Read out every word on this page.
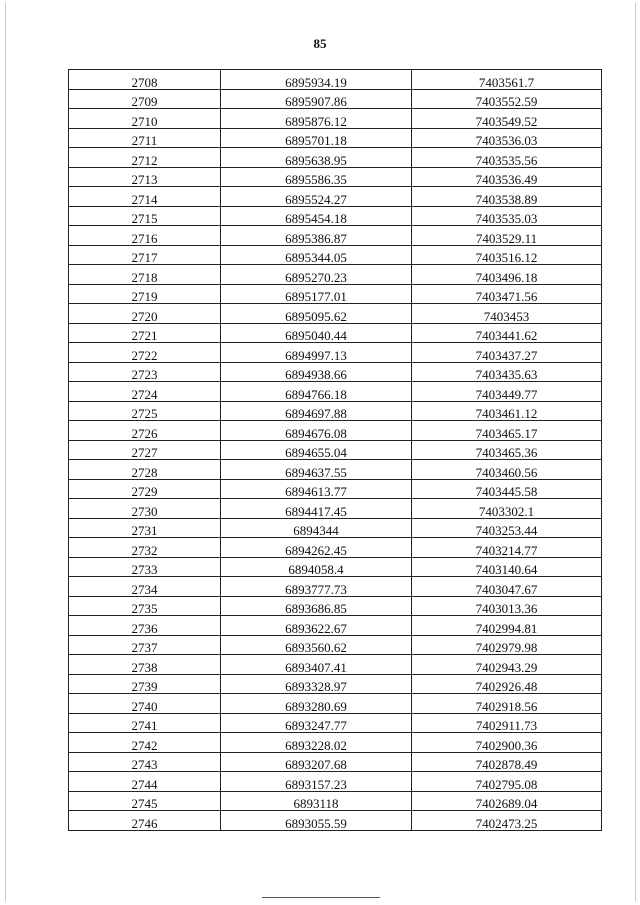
85
2708	6895934.19	7403561.7
2709	6895907.86	7403552.59
2710	6895876.12	7403549.52
2711	6895701.18	7403536.03
2712	6895638.95	7403535.56
2713	6895586.35	7403536.49
2714	6895524.27	7403538.89
2715	6895454.18	7403535.03
2716	6895386.87	7403529.11
2717	6895344.05	7403516.12
2718	6895270.23	7403496.18
2719	6895177.01	7403471.56
2720	6895095.62	7403453
2721	6895040.44	7403441.62
2722	6894997.13	7403437.27
2723	6894938.66	7403435.63
2724	6894766.18	7403449.77
2725	6894697.88	7403461.12
2726	6894676.08	7403465.17
2727	6894655.04	7403465.36
2728	6894637.55	7403460.56
2729	6894613.77	7403445.58
2730	6894417.45	7403302.1
2731	6894344	7403253.44
2732	6894262.45	7403214.77
2733	6894058.4	7403140.64
2734	6893777.73	7403047.67
2735	6893686.85	7403013.36
2736	6893622.67	7402994.81
2737	6893560.62	7402979.98
2738	6893407.41	7402943.29
2739	6893328.97	7402926.48
2740	6893280.69	7402918.56
2741	6893247.77	7402911.73
2742	6893228.02	7402900.36
2743	6893207.68	7402878.49
2744	6893157.23	7402795.08
2745	6893118	7402689.04
2746	6893055.59	7402473.25
